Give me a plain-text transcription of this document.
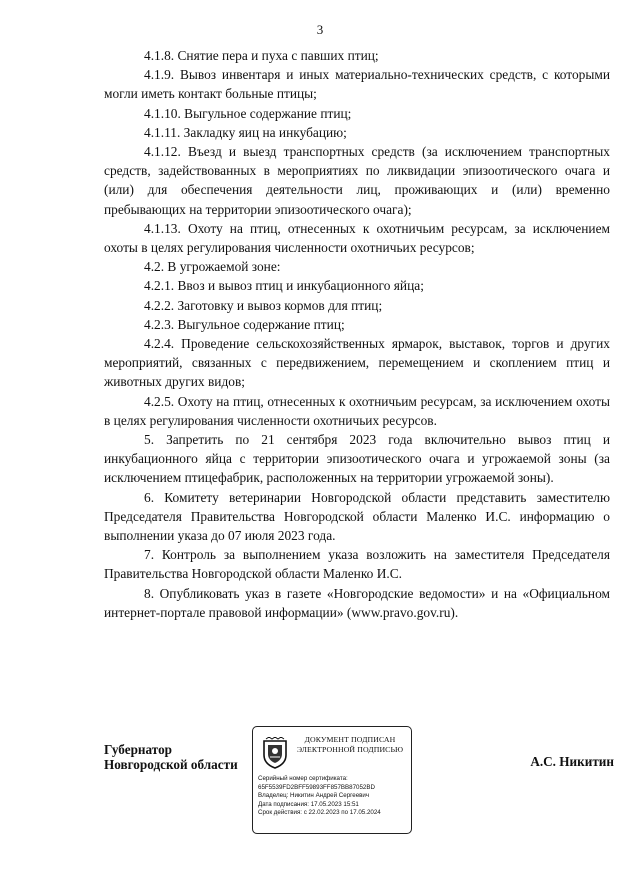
3

4.1.8. Снятие пера и пуха с павших птиц;

4.1.9. Вывоз инвентаря и иных материально-технических средств, с которыми могли иметь контакт больные птицы;

4.1.10. Выгульное содержание птиц;

4.1.11. Закладку яиц на инкубацию;

4.1.12. Въезд и выезд транспортных средств (за исключением транспортных средств, задействованных в мероприятиях по ликвидации эпизоотического очага и (или) для обеспечения деятельности лиц, проживающих и (или) временно пребывающих на территории эпизоотического очага);

4.1.13. Охоту на птиц, отнесенных к охотничьим ресурсам, за исключением охоты в целях регулирования численности охотничьих ресурсов;

4.2. В угрожаемой зоне:

4.2.1. Ввоз и вывоз птиц и инкубационного яйца;

4.2.2. Заготовку и вывоз кормов для птиц;

4.2.3. Выгульное содержание птиц;

4.2.4. Проведение сельскохозяйственных ярмарок, выставок, торгов и других мероприятий, связанных с передвижением, перемещением и скоплением птиц и животных других видов;

4.2.5. Охоту на птиц, отнесенных к охотничьим ресурсам, за исключением охоты в целях регулирования численности охотничьих ресурсов.

5. Запретить по 21 сентября 2023 года включительно вывоз птиц и инкубационного яйца с территории эпизоотического очага и угрожаемой зоны (за исключением птицефабрик, расположенных на территории угрожаемой зоны).

6. Комитету ветеринарии Новгородской области представить заместителю Председателя Правительства Новгородской области Маленко И.С. информацию о выполнении указа до 07 июля 2023 года.

7. Контроль за выполнением указа возложить на заместителя Председателя Правительства Новгородской области Маленко И.С.

8. Опубликовать указ в газете «Новгородские ведомости» и на «Официальном интернет-портале правовой информации» (www.pravo.gov.ru).

Губернатор
Новгородской области
ДОКУМЕНТ ПОДПИСАН
ЭЛЕКТРОННОЙ ПОДПИСЬЮ
Серийный номер сертификата:
65F5539FD2BFF59893FF857BB87052BD
Владелец: Никитин Андрей Сергеевич
Дата подписания: 17.05.2023 15:51
Срок действия: с 22.02.2023 по 17.05.2024
А.С. Никитин
